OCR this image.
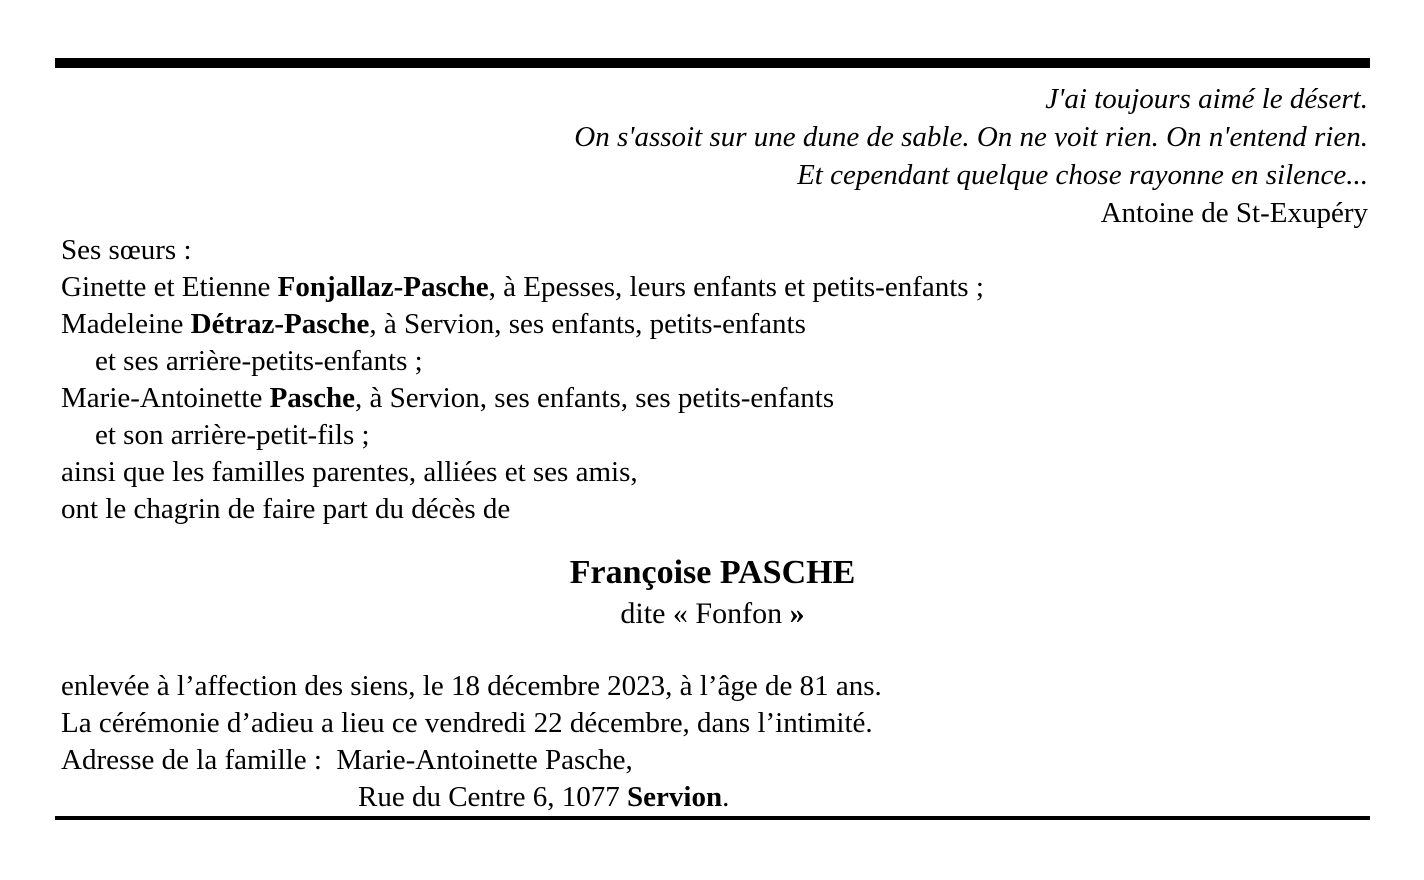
J'ai toujours aimé le désert.
On s'assoit sur une dune de sable. On ne voit rien. On n'entend rien.
Et cependant quelque chose rayonne en silence...
Antoine de St-Exupéry
Ses sœurs :
Ginette et Etienne Fonjallaz-Pasche, à Epesses, leurs enfants et petits-enfants ;
Madeleine Détraz-Pasche, à Servion, ses enfants, petits-enfants
et ses arrière-petits-enfants ;
Marie-Antoinette Pasche, à Servion, ses enfants, ses petits-enfants
et son arrière-petit-fils ;
ainsi que les familles parentes, alliées et ses amis,
ont le chagrin de faire part du décès de
Françoise PASCHE
dite « Fonfon »
enlevée à l’affection des siens, le 18 décembre 2023, à l’âge de 81 ans.
La cérémonie d’adieu a lieu ce vendredi 22 décembre, dans l’intimité.
Adresse de la famille :  Marie-Antoinette Pasche,
Rue du Centre 6, 1077 Servion.
